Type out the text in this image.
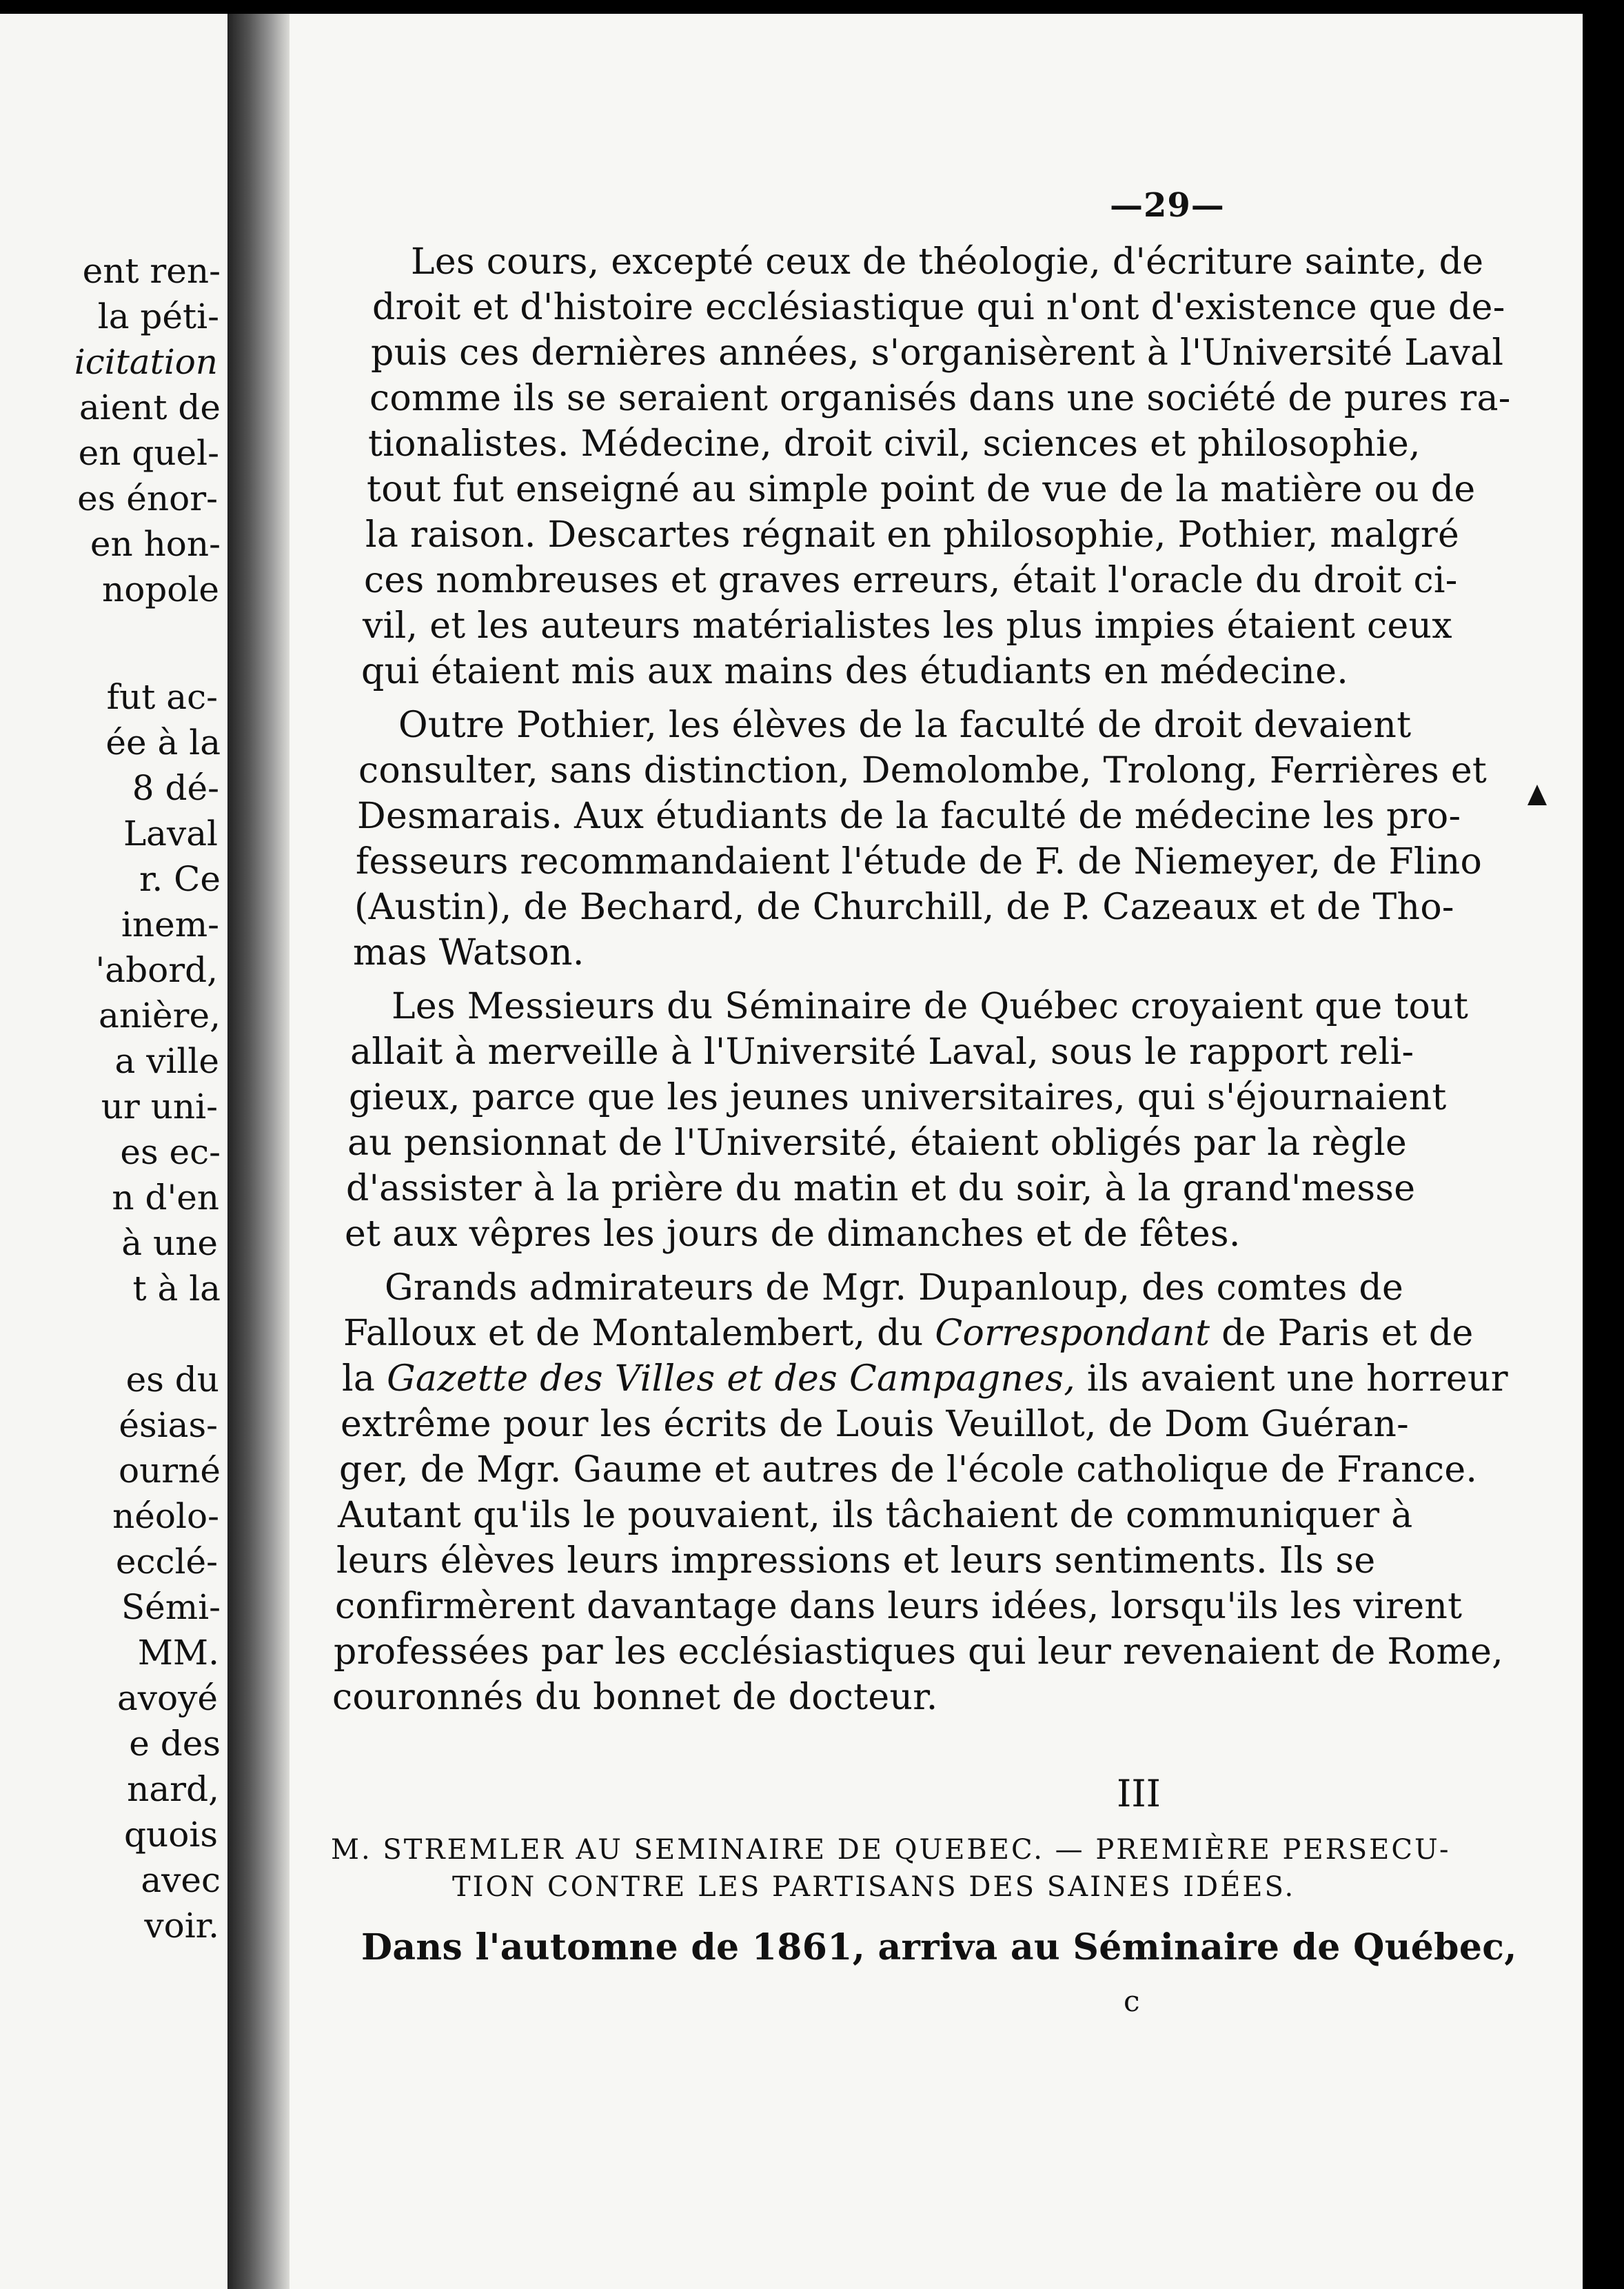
ent ren-
la péti-
icitation
aient de
en quel-
es énor-
en hon-
nopole
fut ac-
ée à la
8 dé-
Laval
r. Ce
inem-
'abord,
anière,
a ville
ur uni-
es ec-
n d'en
à une
t à la
es du
ésias-
ourné
néolo-
ecclé-
Sémi-
MM.
avoyé
e des
nard,
quois
avec
voir.
—29—
Les cours, excepté ceux de théologie, d'écriture sainte, de
droit et d'histoire ecclésiastique qui n'ont d'existence que de-
puis ces dernières années, s'organisèrent à l'Université Laval
comme ils se seraient organisés dans une société de pures ra-
tionalistes. Médecine, droit civil, sciences et philosophie,
tout fut enseigné au simple point de vue de la matière ou de
la raison. Descartes régnait en philosophie, Pothier, malgré
ces nombreuses et graves erreurs, était l'oracle du droit ci-
vil, et les auteurs matérialistes les plus impies étaient ceux
qui étaient mis aux mains des étudiants en médecine.
Outre Pothier, les élèves de la faculté de droit devaient
consulter, sans distinction, Demolombe, Trolong, Ferrières et
Desmarais. Aux étudiants de la faculté de médecine les pro-
fesseurs recommandaient l'étude de F. de Niemeyer, de Flino
(Austin), de Bechard, de Churchill, de P. Cazeaux et de Tho-
mas Watson.
Les Messieurs du Séminaire de Québec croyaient que tout
allait à merveille à l'Université Laval, sous le rapport reli-
gieux, parce que les jeunes universitaires, qui s'éjournaient
au pensionnat de l'Université, étaient obligés par la règle
d'assister à la prière du matin et du soir, à la grand'messe
et aux vêpres les jours de dimanches et de fêtes.
Grands admirateurs de Mgr. Dupanloup, des comtes de
Falloux et de Montalembert, du Correspondant de Paris et de
la Gazette des Villes et des Campagnes, ils avaient une horreur
extrême pour les écrits de Louis Veuillot, de Dom Guéran-
ger, de Mgr. Gaume et autres de l'école catholique de France.
Autant qu'ils le pouvaient, ils tâchaient de communiquer à
leurs élèves leurs impressions et leurs sentiments. Ils se
confirmèrent davantage dans leurs idées, lorsqu'ils les virent
professées par les ecclésiastiques qui leur revenaient de Rome,
couronnés du bonnet de docteur.
III
M. STREMLER AU SEMINAIRE DE QUEBEC. — PREMIÈRE PERSECU-
TION CONTRE LES PARTISANS DES SAINES IDÉES.
Dans l'automne de 1861, arriva au Séminaire de Québec,
c
